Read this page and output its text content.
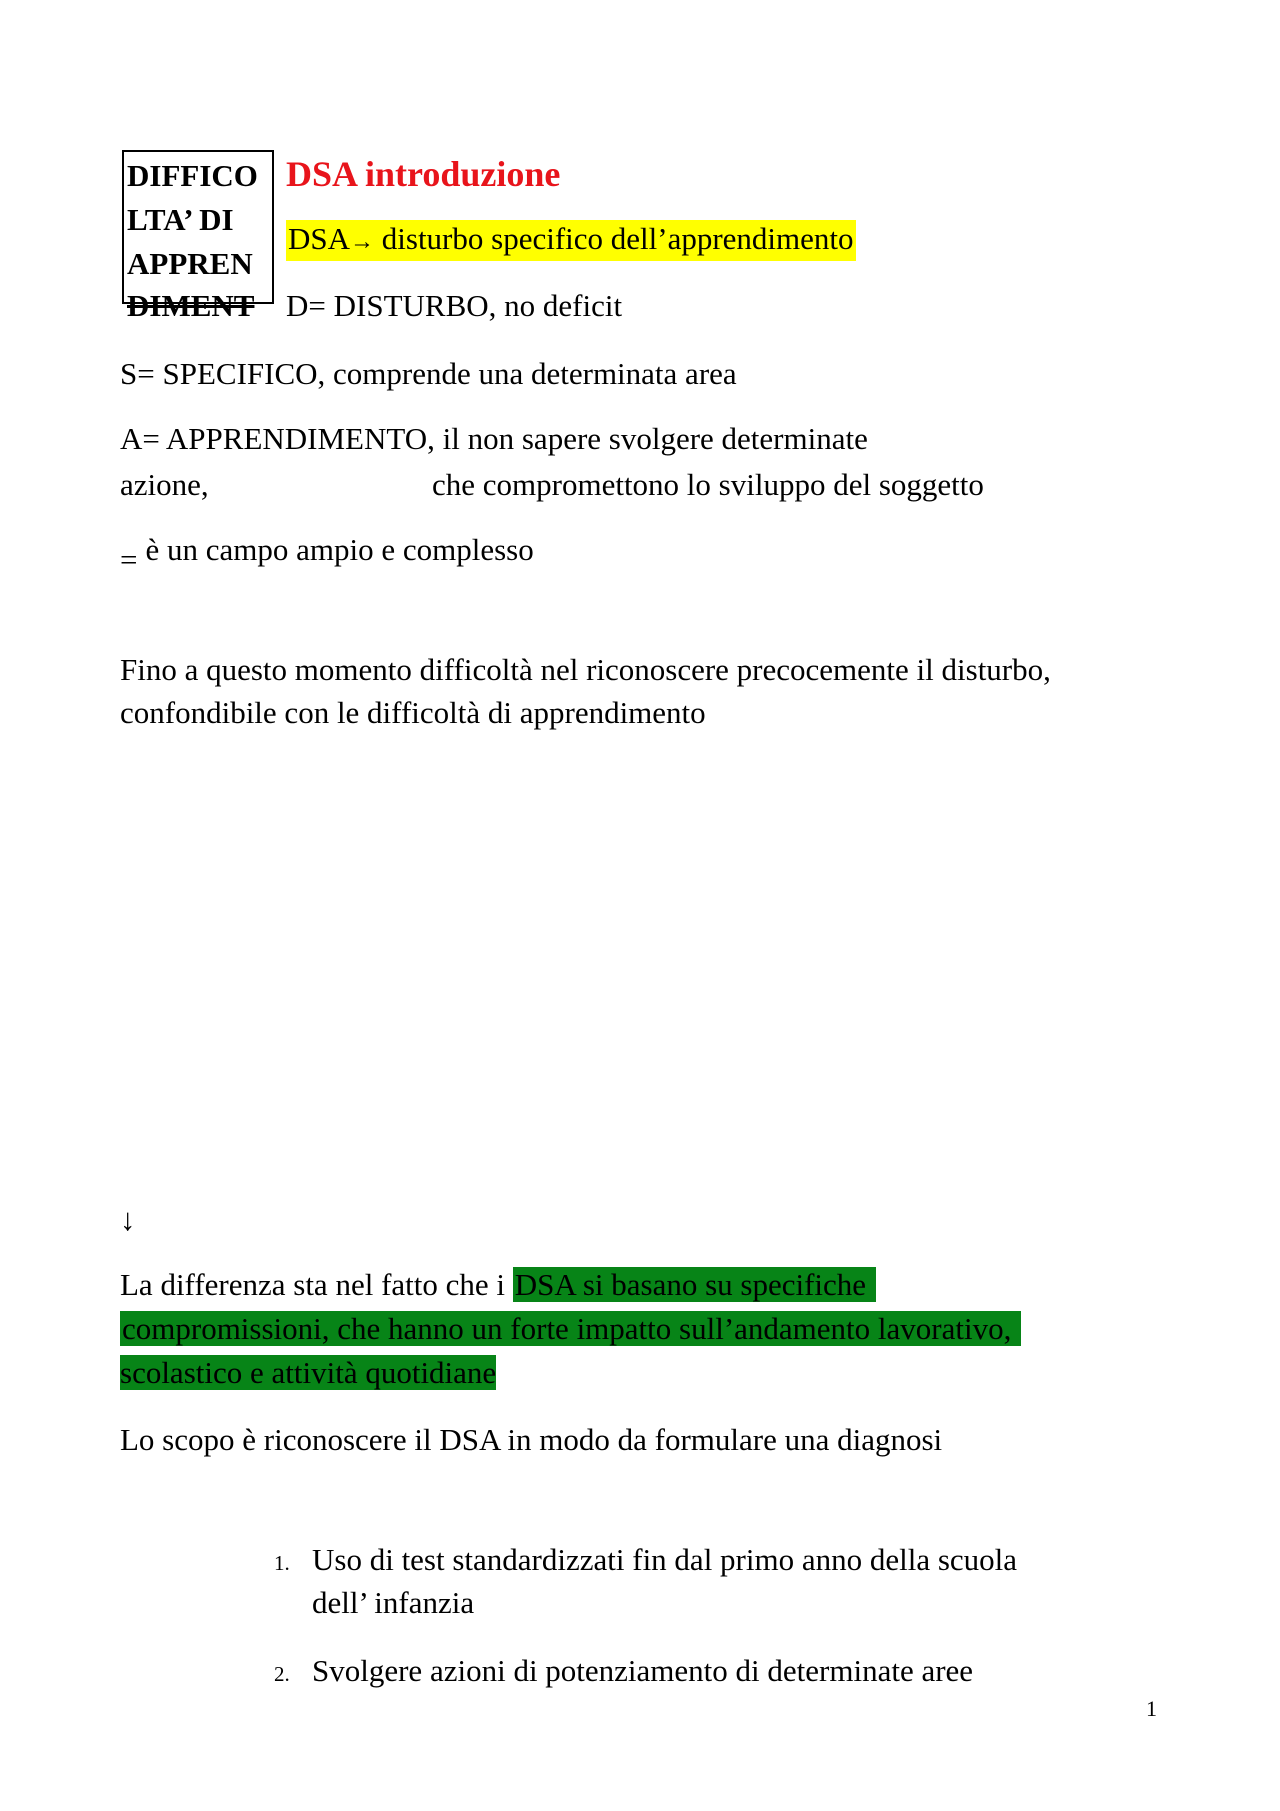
DIFFICO
LTA’ DI
APPREN
DIMENT
DSA introduzione
DSA→ disturbo specifico dell’apprendimento
D= DISTURBO, no deficit
S= SPECIFICO, comprende una determinata area
A= APPRENDIMENTO, il non sapere svolgere determinate
azione,	che compromettono lo sviluppo del soggetto
= è un campo ampio e complesso
Fino a questo momento difficoltà nel riconoscere precocemente il disturbo,
confondibile con le difficoltà di apprendimento
↓
La differenza sta nel fatto che i DSA si basano su specifiche
compromissioni, che hanno un forte impatto sull’andamento lavorativo,
scolastico e attività quotidiane
Lo scopo è riconoscere il DSA in modo da formulare una diagnosi
1. Uso di test standardizzati fin dal primo anno della scuola
dell’ infanzia
2. Svolgere azioni di potenziamento di determinate aree
1
